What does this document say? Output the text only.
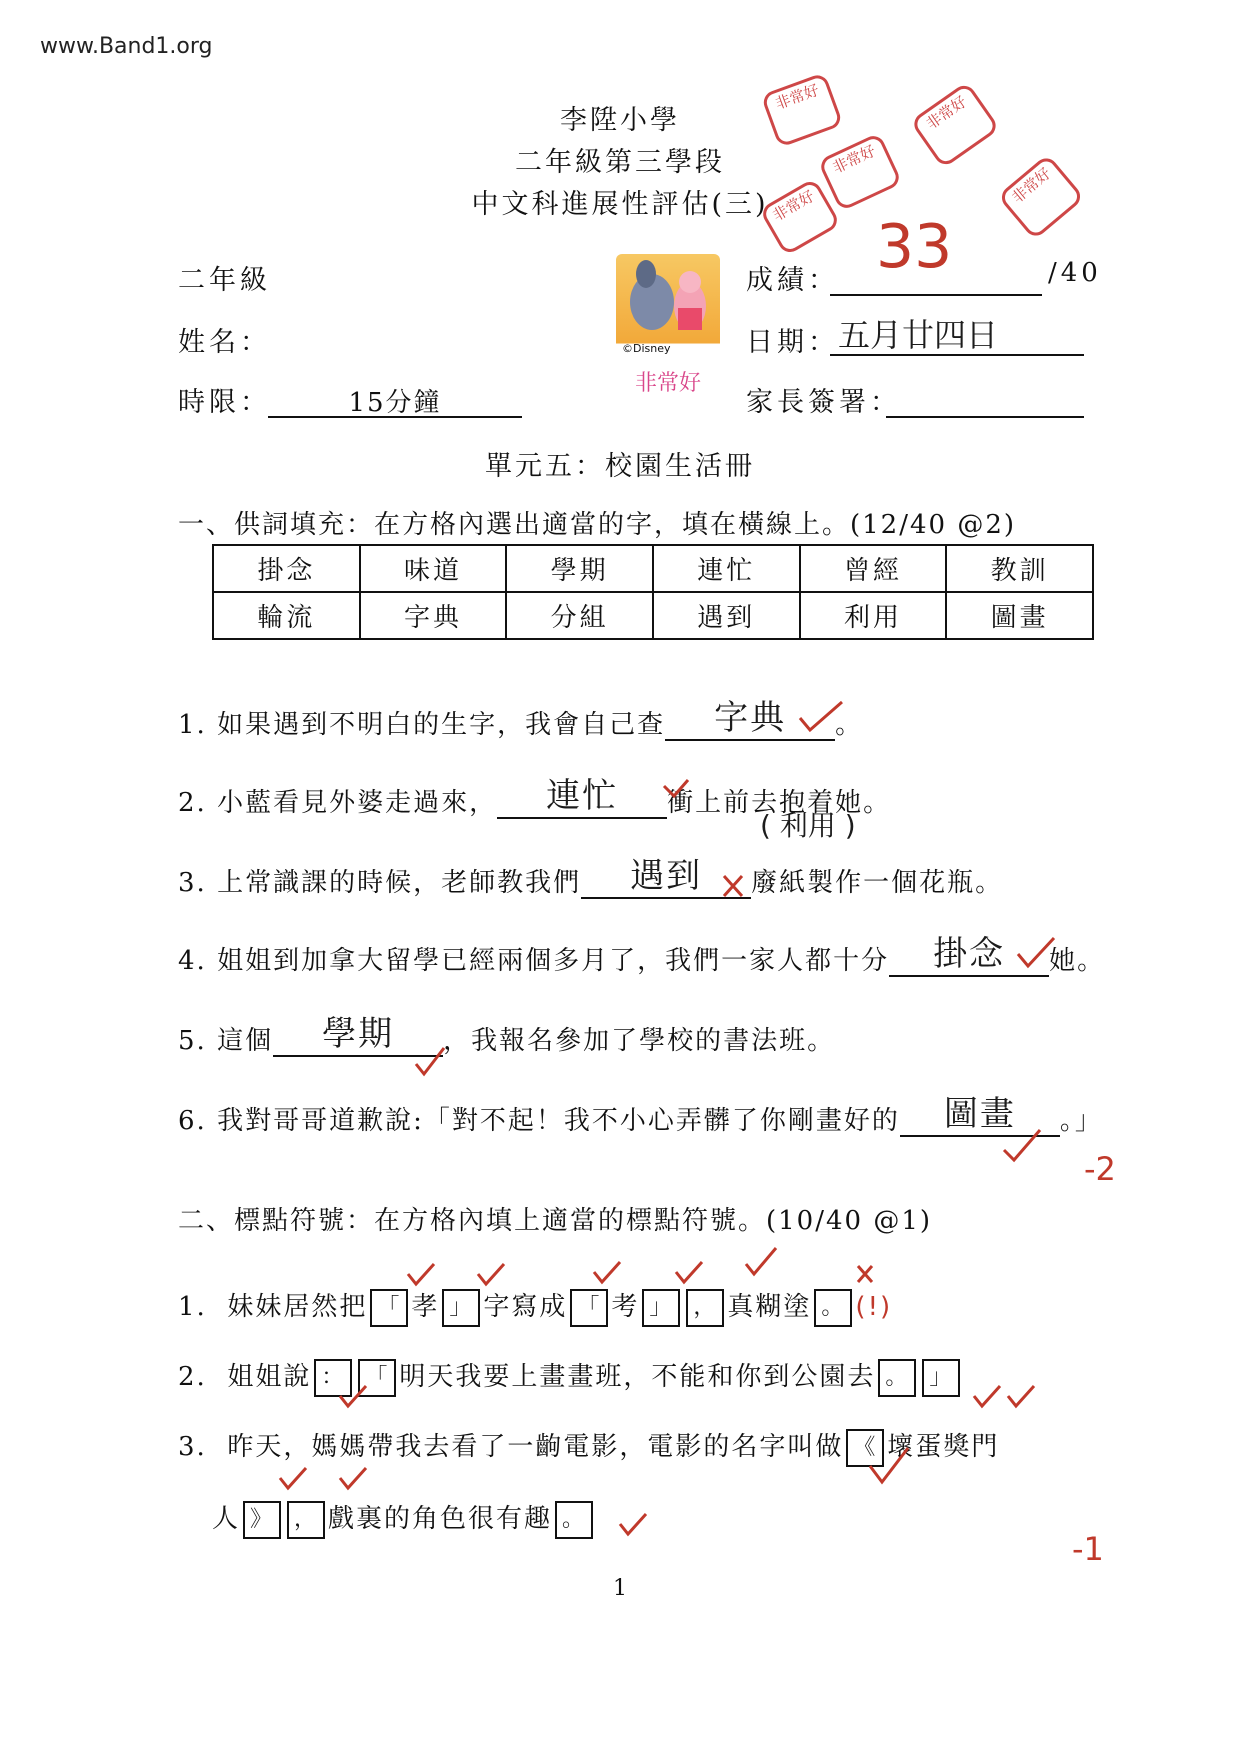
www.Band1.org
李陞小學
二年級第三學段
中文科進展性評估(三)
非常好
非常好
非常好
非常好
非常好
二年級
姓名：
時限：	15分鐘
©Disney
非常好
成績： 33	/40
日期： 五月廿四日
家長簽署：
單元五：校園生活冊
一、供詞填充：在方格內選出適當的字，填在橫線上。(12/40 @2)
掛念	味道	學期	連忙	曾經	教訓
輪流	字典	分組	遇到	利用	圖畫
1. 如果遇到不明白的生字，我會自己查 字典 。
2. 小藍看見外婆走過來， 連忙 衝上前去抱着她。
( 利用 )
3. 上常識課的時候，老師教我們 遇到 廢紙製作一個花瓶。
4. 姐姐到加拿大留學已經兩個多月了，我們一家人都十分 掛念 她。
5. 這個 學期 ，我報名參加了學校的書法班。
6. 我對哥哥道歉說:「對不起！我不小心弄髒了你剛畫好的 圖畫 。」
-2
二、標點符號：在方格內填上適當的標點符號。(10/40 @1)
1. 妹妹居然把 「 孝 」 字寫成 「 考 」 ， 真糊塗 。 (!)
2. 姐姐說 ： 「 明天我要上畫畫班，不能和你到公園去 。 」
3. 昨天，媽媽帶我去看了一齣電影，電影的名字叫做 《 壞蛋獎門
人 》 ， 戲裏的角色很有趣 。
-1
1
